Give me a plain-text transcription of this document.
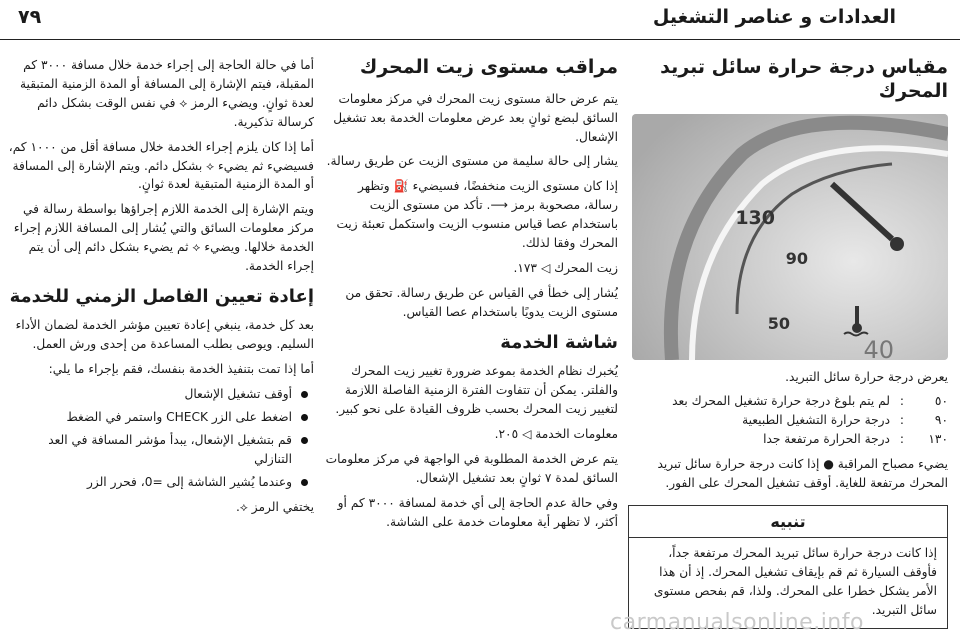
العدادات و عناصر التشغيل
٧٩
مقياس درجة حرارة سائل تبريد المحرك
130
90
50
40

يعرض درجة حرارة سائل التبريد.

٥٠
:
لم يتم بلوغ درجة حرارة تشغيل المحرك بعد
٩٠
:
درجة حرارة التشغيل الطبيعية
١٣٠
:
درجة الحرارة مرتفعة جدا

يضيء مصباح المراقبة ● إذا كانت درجة حرارة سائل تبريد المحرك مرتفعة للغاية. أوقف تشغيل المحرك على الفور.

تنبيه

إذا كانت درجة حرارة سائل تبريد المحرك مرتفعة جداً، فأوقف السيارة ثم قم بإيقاف تشغيل المحرك. إذ أن هذا الأمر يشكل خطرا على المحرك. ولذا، قم بفحص مستوى سائل التبريد.

مراقب مستوى زيت المحرك

يتم عرض حالة مستوى زيت المحرك في مركز معلومات السائق لبضع ثوانٍ بعد عرض معلومات الخدمة بعد تشغيل الإشعال.

يشار إلى حالة سليمة من مستوى الزيت عن طريق رسالة.

إذا كان مستوى الزيت منخفضًا، فسيضيء ⛽ وتظهر رسالة، مصحوبة برمز ⟶. تأكد من مستوى الزيت باستخدام عصا قياس منسوب الزيت واستكمل تعبئة زيت المحرك وفقا لذلك.

زيت المحرك ◁ ١٧٣.

يُشار إلى خطأ في القياس عن طريق رسالة. تحقق من مستوى الزيت يدويًا باستخدام عصا القياس.

شاشة الخدمة

يُخبرك نظام الخدمة بموعد ضرورة تغيير زيت المحرك والفلتر. يمكن أن تتفاوت الفترة الزمنية الفاصلة اللازمة لتغيير زيت المحرك بحسب ظروف القيادة على نحو كبير.

معلومات الخدمة ◁ ٢٠٥.

يتم عرض الخدمة المطلوبة في الواجهة في مركز معلومات السائق لمدة ٧ ثوانٍ بعد تشغيل الإشعال.

وفي حالة عدم الحاجة إلى أي خدمة لمسافة ٣٠٠٠ كم أو أكثر، لا تظهر أية معلومات خدمة على الشاشة.

أما في حالة الحاجة إلى إجراء خدمة خلال مسافة ٣٠٠٠ كم المقبلة، فيتم الإشارة إلى المسافة أو المدة الزمنية المتبقية لعدة ثوانٍ. ويضيء الرمز ⟡ في نفس الوقت بشكل دائم كرسالة تذكيرية.

أما إذا كان يلزم إجراء الخدمة خلال مسافة أقل من ١٠٠٠ كم، فسيضيء ثم يضيء ⟡ بشكل دائم. ويتم الإشارة إلى المسافة أو المدة الزمنية المتبقية لعدة ثوانٍ.

ويتم الإشارة إلى الخدمة اللازم إجراؤها بواسطة رسالة في مركز معلومات السائق والتي يُشار إلى المسافة اللازم إجراء الخدمة خلالها. ويضيء ⟡ ثم يضيء بشكل دائم إلى أن يتم إجراء الخدمة.

إعادة تعيين الفاصل الزمني للخدمة

بعد كل خدمة، ينبغي إعادة تعيين مؤشر الخدمة لضمان الأداء السليم. ويوصى بطلب المساعدة من إحدى ورش العمل.

أما إذا تمت بتنفيذ الخدمة بنفسك، فقم بإجراء ما يلي:

أوقف تشغيل الإشعال
اضغط على الزر CHECK واستمر في الضغط
قم بتشغيل الإشعال، يبدأ مؤشر المسافة في العد التنازلي
وعندما يُشير الشاشة إلى =0، فحرر الزر

يختفي الرمز ⟡.

carmanualsonline.info
